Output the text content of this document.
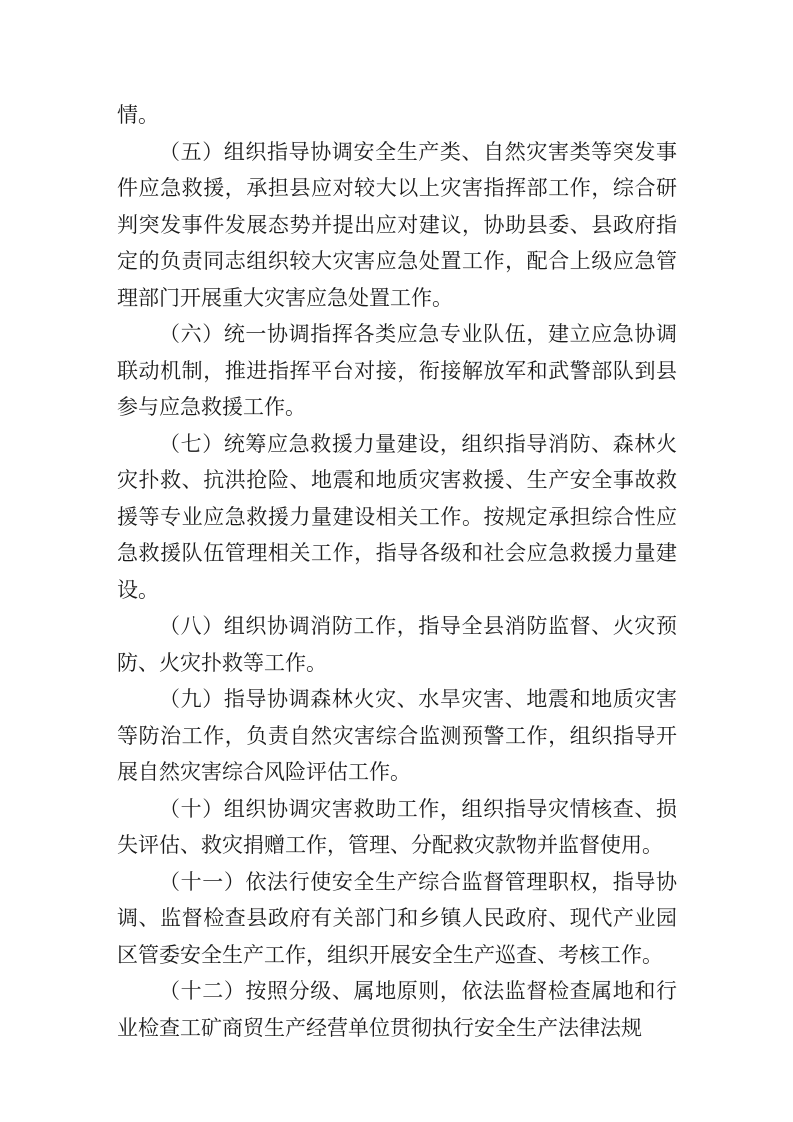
情。

（五）组织指导协调安全生产类、自然灾害类等突发事件应急救援，承担县应对较大以上灾害指挥部工作，综合研判突发事件发展态势并提出应对建议，协助县委、县政府指定的负责同志组织较大灾害应急处置工作，配合上级应急管理部门开展重大灾害应急处置工作。

（六）统一协调指挥各类应急专业队伍，建立应急协调联动机制，推进指挥平台对接，衔接解放军和武警部队到县参与应急救援工作。

（七）统筹应急救援力量建设，组织指导消防、森林火灾扑救、抗洪抢险、地震和地质灾害救援、生产安全事故救援等专业应急救援力量建设相关工作。按规定承担综合性应急救援队伍管理相关工作，指导各级和社会应急救援力量建设。

（八）组织协调消防工作，指导全县消防监督、火灾预防、火灾扑救等工作。

（九）指导协调森林火灾、水旱灾害、地震和地质灾害等防治工作，负责自然灾害综合监测预警工作，组织指导开展自然灾害综合风险评估工作。

（十）组织协调灾害救助工作，组织指导灾情核查、损失评估、救灾捐赠工作，管理、分配救灾款物并监督使用。

（十一）依法行使安全生产综合监督管理职权，指导协调、监督检查县政府有关部门和乡镇人民政府、现代产业园区管委安全生产工作，组织开展安全生产巡查、考核工作。

（十二）按照分级、属地原则，依法监督检查属地和行业检查工矿商贸生产经营单位贯彻执行安全生产法律法规
